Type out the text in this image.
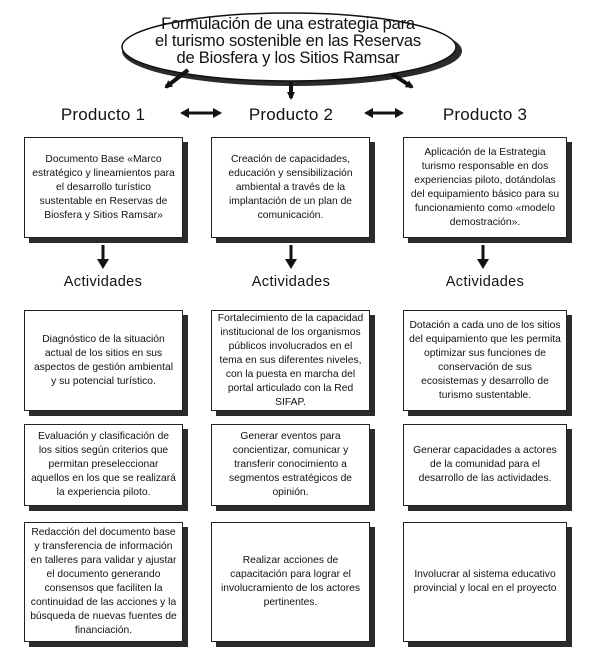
Formulación de una estrategia para
el turismo sostenible en las Reservas
de Biosfera y los Sitios Ramsar
Producto 1	Producto 2	Producto 3
Documento Base «Marco estratégico y lineamientos para el desarrollo turístico sustentable en Reservas de Biosfera y Sitios Ramsar»
Creación de capacidades, educación y sensibilización ambiental a través de la implantación de un plan de comunicación.
Aplicación de la Estrategia turismo responsable en dos experiencias piloto, dotándolas del equipamiento básico para su funcionamiento como «modelo demostración».
Actividades	Actividades	Actividades
Diagnóstico de la situación actual de los sitios en sus aspectos de gestión ambiental y su potencial turístico.
Fortalecimiento de la capacidad institucional de los organismos públicos involucrados en el tema en sus diferentes niveles, con la puesta en marcha del portal articulado con la Red SIFAP.
Dotación a cada uno de los sitios del equipamiento que les permita optimizar sus funciones de conservación de sus ecosistemas y desarrollo de turismo sustentable.
Evaluación y clasificación de los sitios según criterios que permitan preseleccionar aquellos en los que se realizará la experiencia piloto.
Generar eventos para concientizar, comunicar y transferir conocimiento a segmentos estratégicos de opinión.
Generar capacidades a actores de la comunidad para el desarrollo de las actividades.
Redacción del documento base y transferencia de información en talleres para validar y ajustar el documento generando consensos que faciliten la continuidad de las acciones y la búsqueda de nuevas fuentes de financiación.
Realizar acciones de capacitación para lograr el involucramiento de los actores pertinentes.
Involucrar al sistema educativo provincial y local en el proyecto
